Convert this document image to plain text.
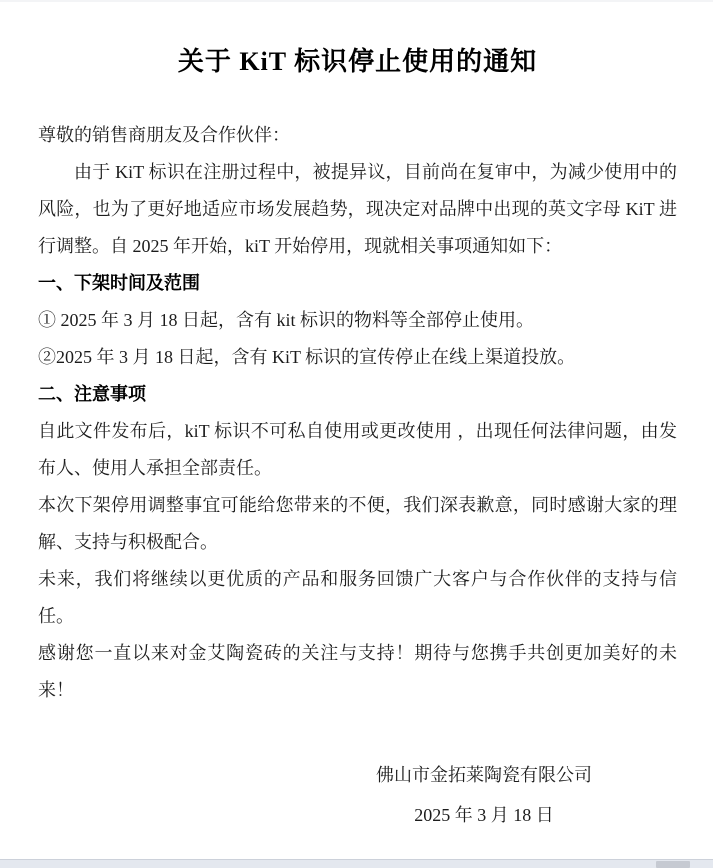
关于 KiT 标识停止使用的通知

尊敬的销售商朋友及合作伙伴：

由于 KiT 标识在注册过程中，被提异议，目前尚在复审中，为减少使用中的风险，也为了更好地适应市场发展趋势，现决定对品牌中出现的英文字母 KiT 进行调整。自 2025 年开始，kiT 开始停用，现就相关事项通知如下：

一、下架时间及范围

① 2025 年 3 月 18 日起，含有 kit 标识的物料等全部停止使用。

②2025 年 3 月 18 日起，含有 KiT 标识的宣传停止在线上渠道投放。

二、注意事项

自此文件发布后，kiT 标识不可私自使用或更改使用 ，出现任何法律问题，由发布人、使用人承担全部责任。

本次下架停用调整事宜可能给您带来的不便，我们深表歉意，同时感谢大家的理解、支持与积极配合。

未来，我们将继续以更优质的产品和服务回馈广大客户与合作伙伴的支持与信任。

感谢您一直以来对金艾陶瓷砖的关注与支持！期待与您携手共创更加美好的未来！

佛山市金拓莱陶瓷有限公司
2025 年 3 月 18 日
